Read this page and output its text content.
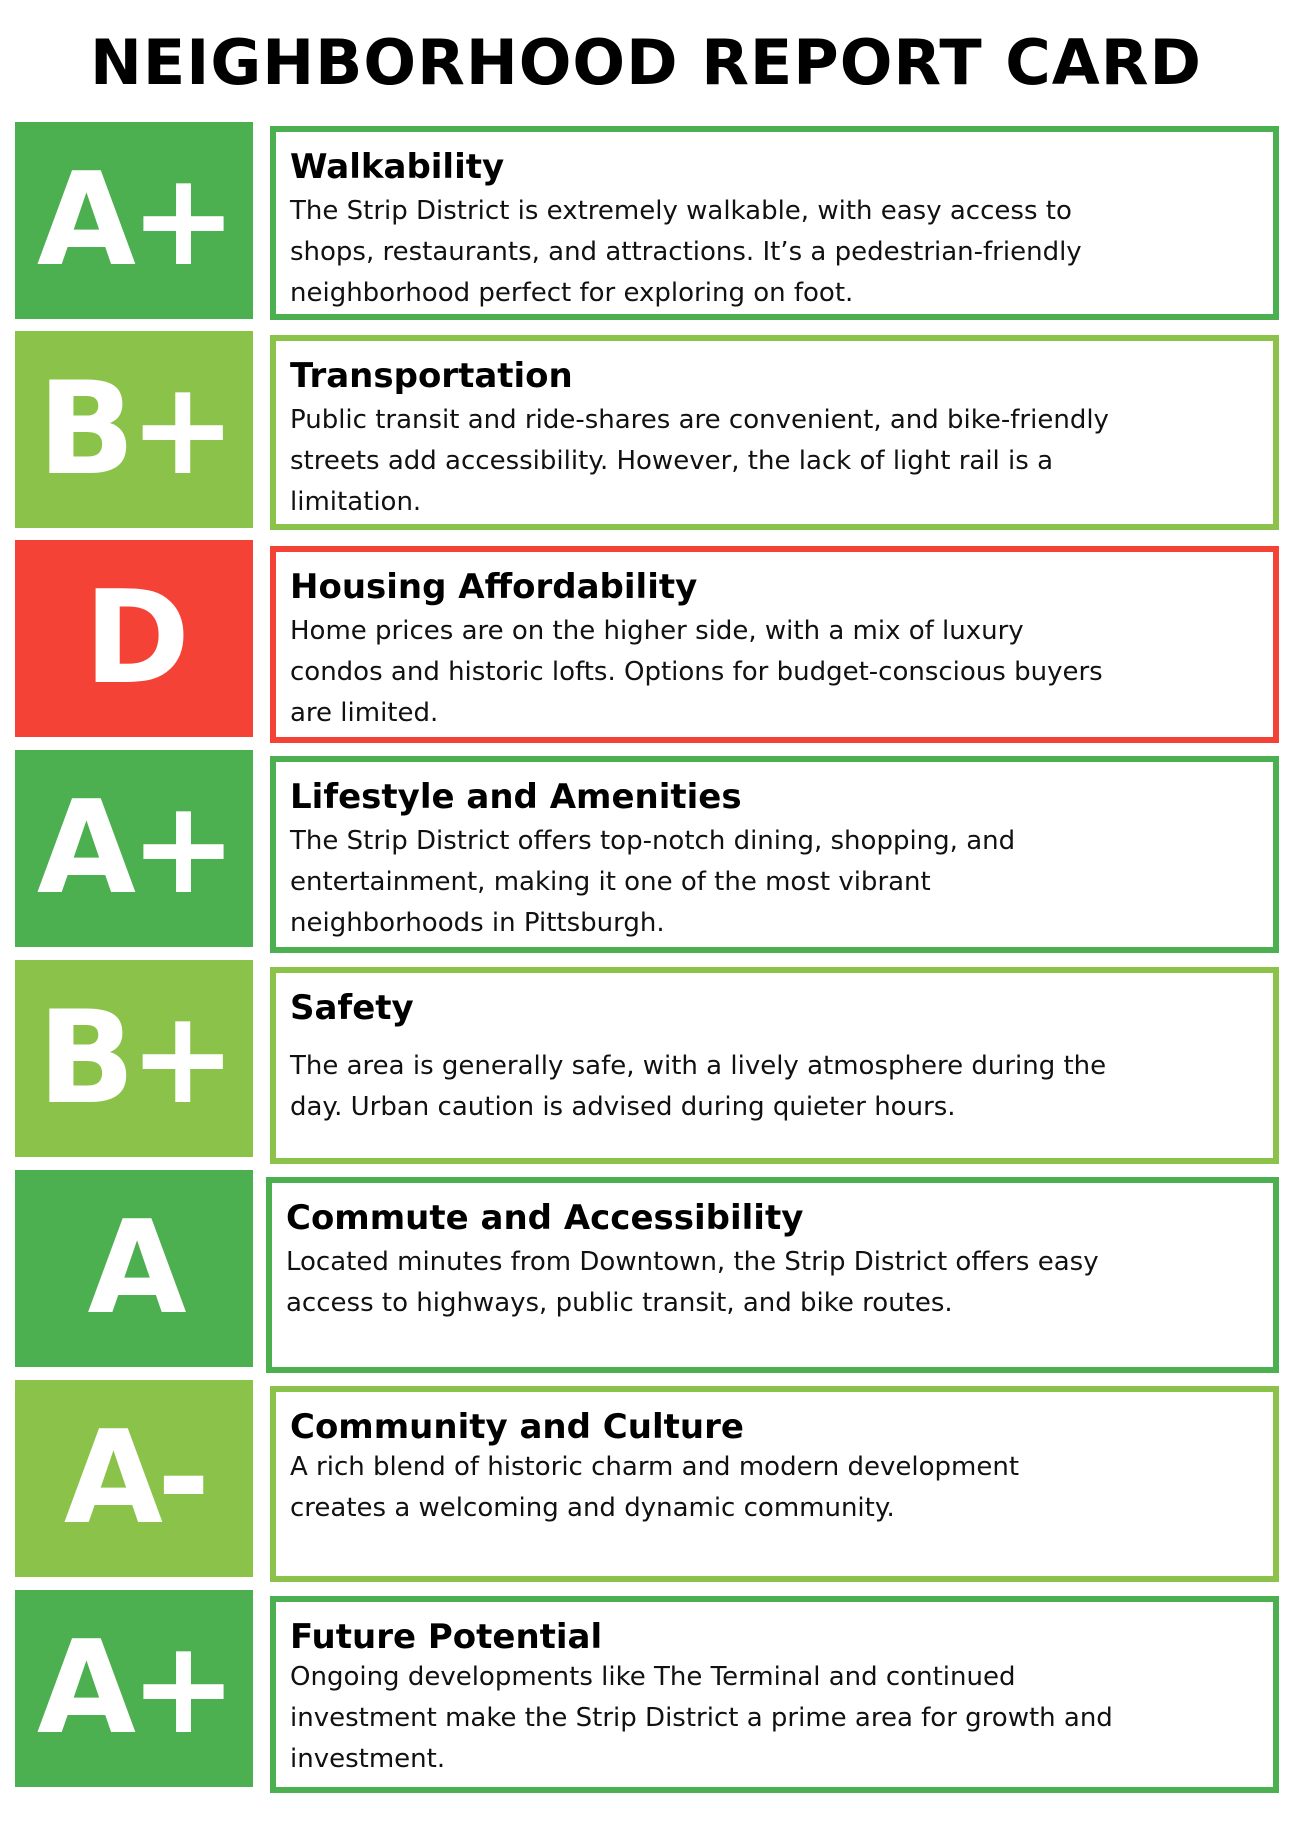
NEIGHBORHOOD REPORT CARD
A+	Walkability
The Strip District is extremely walkable, with easy access to shops, restaurants, and attractions. It’s a pedestrian-friendly neighborhood perfect for exploring on foot.
B+	Transportation
Public transit and ride-shares are convenient, and bike-friendly streets add accessibility. However, the lack of light rail is a limitation.
D	Housing Affordability
Home prices are on the higher side, with a mix of luxury condos and historic lofts. Options for budget-conscious buyers are limited.
A+	Lifestyle and Amenities
The Strip District offers top-notch dining, shopping, and entertainment, making it one of the most vibrant neighborhoods in Pittsburgh.
B+	Safety
The area is generally safe, with a lively atmosphere during the day. Urban caution is advised during quieter hours.
A	Commute and Accessibility
Located minutes from Downtown, the Strip District offers easy access to highways, public transit, and bike routes.
A-	Community and Culture
A rich blend of historic charm and modern development creates a welcoming and dynamic community.
A+	Future Potential
Ongoing developments like The Terminal and continued investment make the Strip District a prime area for growth and investment.
